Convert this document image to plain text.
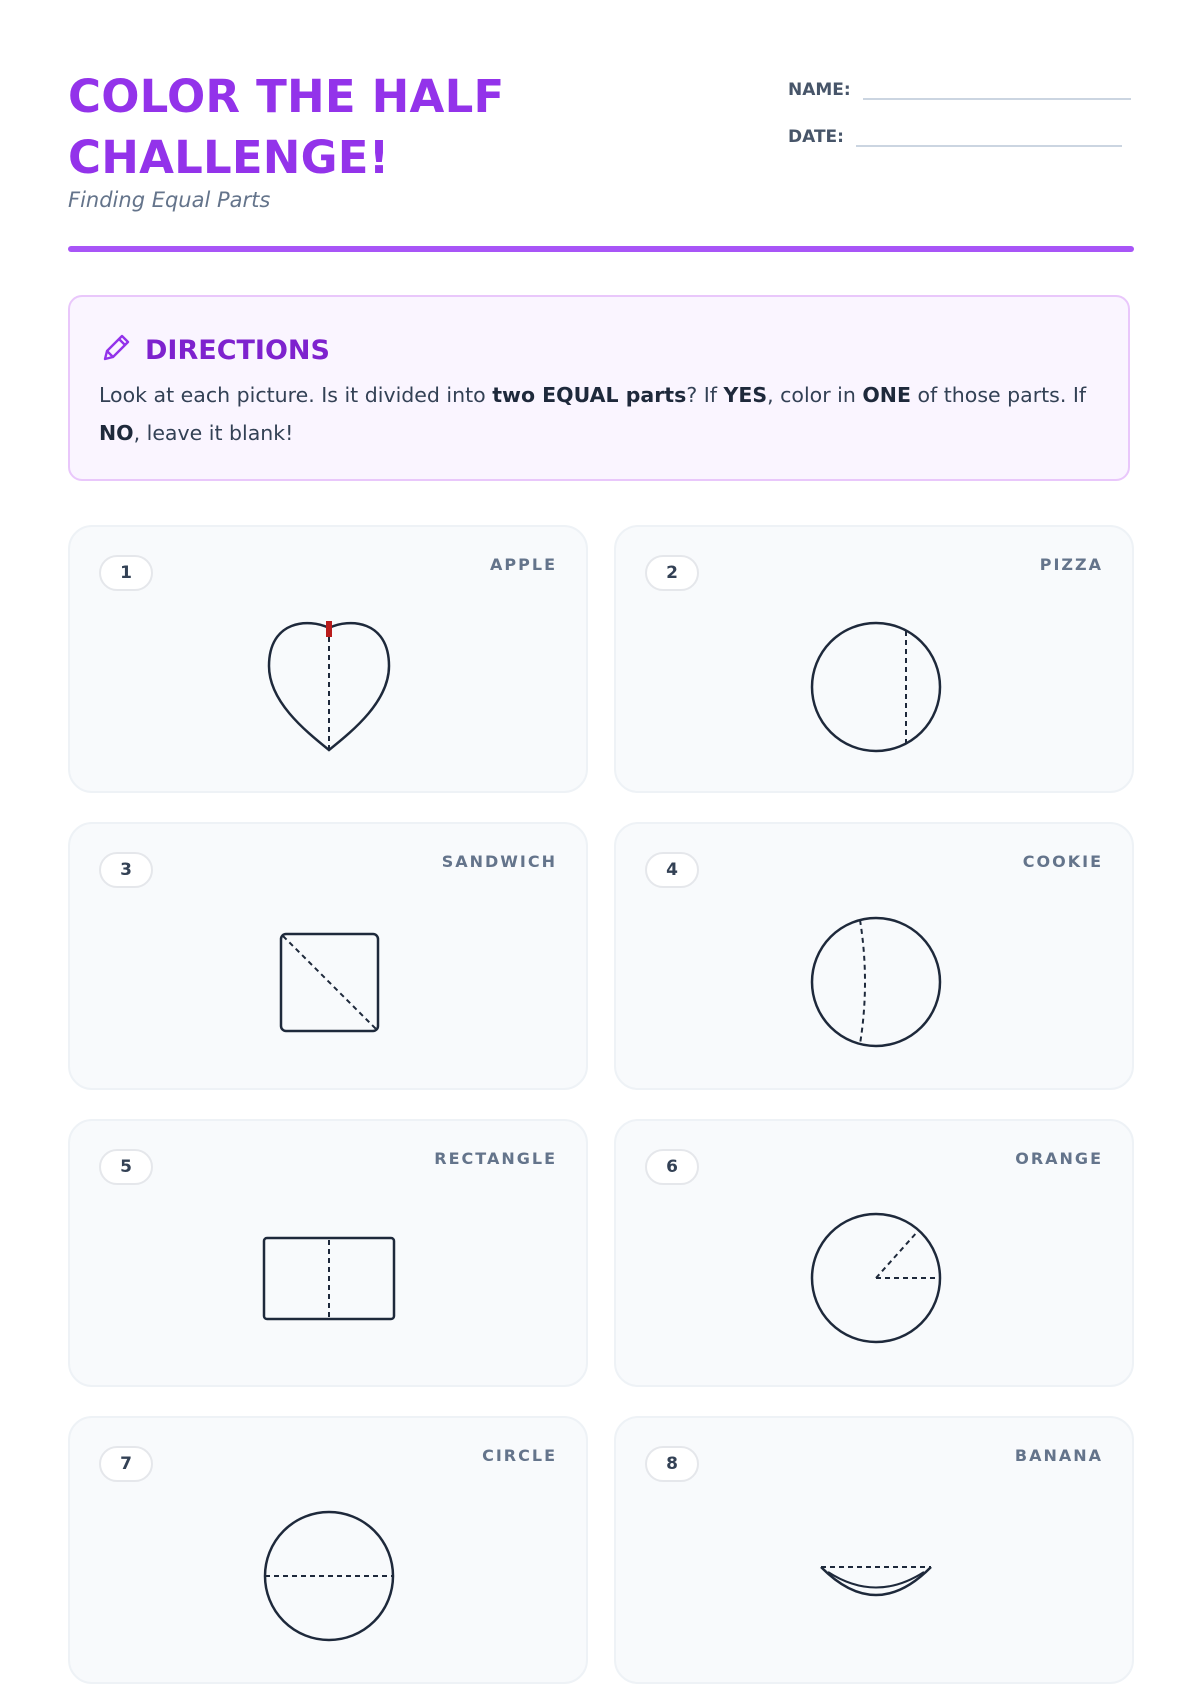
COLOR THE HALF CHALLENGE!
Finding Equal Parts
NAME:
DATE:
DIRECTIONS
Look at each picture. Is it divided into two EQUAL parts? If YES, color in ONE of those parts. If NO, leave it blank!
1	APPLE	2	PIZZA
3	SANDWICH	4	COOKIE
5	RECTANGLE	6	ORANGE
7	CIRCLE	8	BANANA
